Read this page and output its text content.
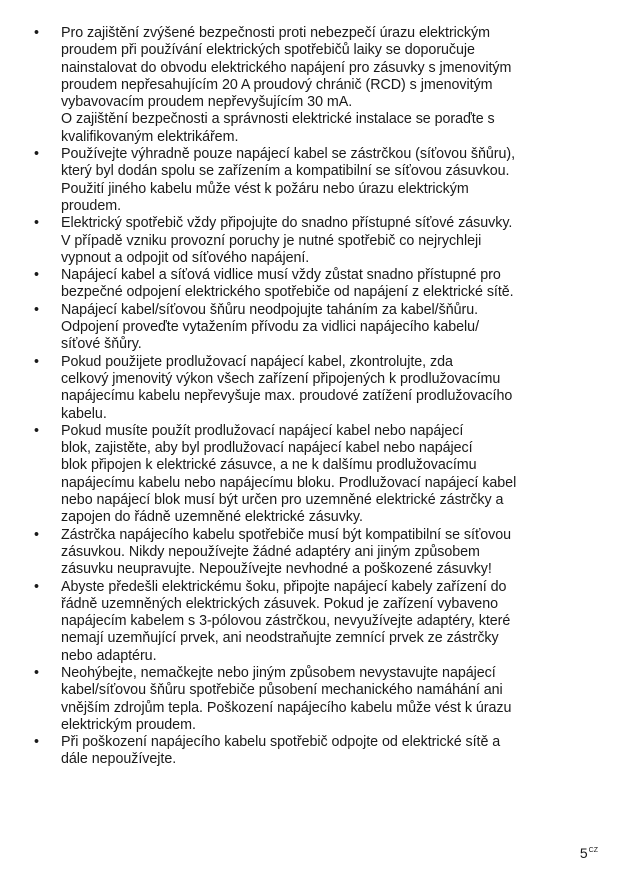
• Pro zajištění zvýšené bezpečnosti proti nebezpečí úrazu elektrickým
proudem při používání elektrických spotřebičů laiky se doporučuje
nainstalovat do obvodu elektrického napájení pro zásuvky s jmenovitým
proudem nepřesahujícím 20 A proudový chránič (RCD) s jmenovitým
vybavovacím proudem nepřevyšujícím 30 mA.
O zajištění bezpečnosti a správnosti elektrické instalace se poraďte s
kvalifikovaným elektrikářem.
• Používejte výhradně pouze napájecí kabel se zástrčkou (síťovou šňůru),
který byl dodán spolu se zařízením a kompatibilní se síťovou zásuvkou.
Použití jiného kabelu může vést k požáru nebo úrazu elektrickým
proudem.
• Elektrický spotřebič vždy připojujte do snadno přístupné síťové zásuvky.
V případě vzniku provozní poruchy je nutné spotřebič co nejrychleji
vypnout a odpojit od síťového napájení.
• Napájecí kabel a síťová vidlice musí vždy zůstat snadno přístupné pro
bezpečné odpojení elektrického spotřebiče od napájení z elektrické sítě.
• Napájecí kabel/síťovou šňůru neodpojujte taháním za kabel/šňůru.
Odpojení proveďte vytažením přívodu za vidlici napájecího kabelu/
síťové šňůry.
• Pokud použijete prodlužovací napájecí kabel, zkontrolujte, zda
celkový jmenovitý výkon všech zařízení připojených k prodlužovacímu
napájecímu kabelu nepřevyšuje max. proudové zatížení prodlužovacího
kabelu.
• Pokud musíte použít prodlužovací napájecí kabel nebo napájecí
blok, zajistěte, aby byl prodlužovací napájecí kabel nebo napájecí
blok připojen k elektrické zásuvce, a ne k dalšímu prodlužovacímu
napájecímu kabelu nebo napájecímu bloku. Prodlužovací napájecí kabel
nebo napájecí blok musí být určen pro uzemněné elektrické zástrčky a
zapojen do řádně uzemněné elektrické zásuvky.
• Zástrčka napájecího kabelu spotřebiče musí být kompatibilní se síťovou
zásuvkou. Nikdy nepoužívejte žádné adaptéry ani jiným způsobem
zásuvku neupravujte. Nepoužívejte nevhodné a poškozené zásuvky!
• Abyste předešli elektrickému šoku, připojte napájecí kabely zařízení do
řádně uzemněných elektrických zásuvek. Pokud je zařízení vybaveno
napájecím kabelem s 3-pólovou zástrčkou, nevyužívejte adaptéry, které
nemají uzemňující prvek, ani neodstraňujte zemnící prvek ze zástrčky
nebo adaptéru.
• Neohýbejte, nemačkejte nebo jiným způsobem nevystavujte napájecí
kabel/síťovou šňůru spotřebiče působení mechanického namáhání ani
vnějším zdrojům tepla. Poškození napájecího kabelu může vést k úrazu
elektrickým proudem.
• Při poškození napájecího kabelu spotřebič odpojte od elektrické sítě a
dále nepoužívejte.
$5^{CZ}$
